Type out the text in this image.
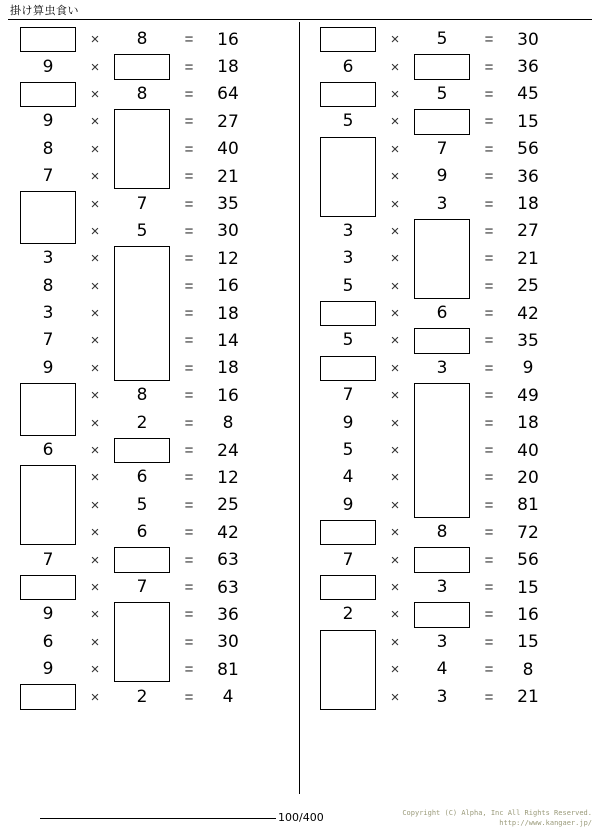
掛け算虫食い
×	8	=	16
9	×	=	18
×	8	=	64
9	×	=	27
8	×	=	40
7	×	=	21
×	7	=	35
×	5	=	30
3	×	=	12
8	×	=	16
3	×	=	18
7	×	=	14
9	×	=	18
×	8	=	16
×	2	=	8
6	×	=	24
×	6	=	12
×	5	=	25
×	6	=	42
7	×	=	63
×	7	=	63
9	×	=	36
6	×	=	30
9	×	=	81
×	2	=	4
×	5	=	30
6	×	=	36
×	5	=	45
5	×	=	15
×	7	=	56
×	9	=	36
×	3	=	18
3	×	=	27
3	×	=	21
5	×	=	25
×	6	=	42
5	×	=	35
×	3	=	9
7	×	=	49
9	×	=	18
5	×	=	40
4	×	=	20
9	×	=	81
×	8	=	72
7	×	=	56
×	3	=	15
2	×	=	16
×	3	=	15
×	4	=	8
×	3	=	21
100/400	Copyright (C) Alpha, Inc All Rights Reserved.
http://www.kangaer.jp/
